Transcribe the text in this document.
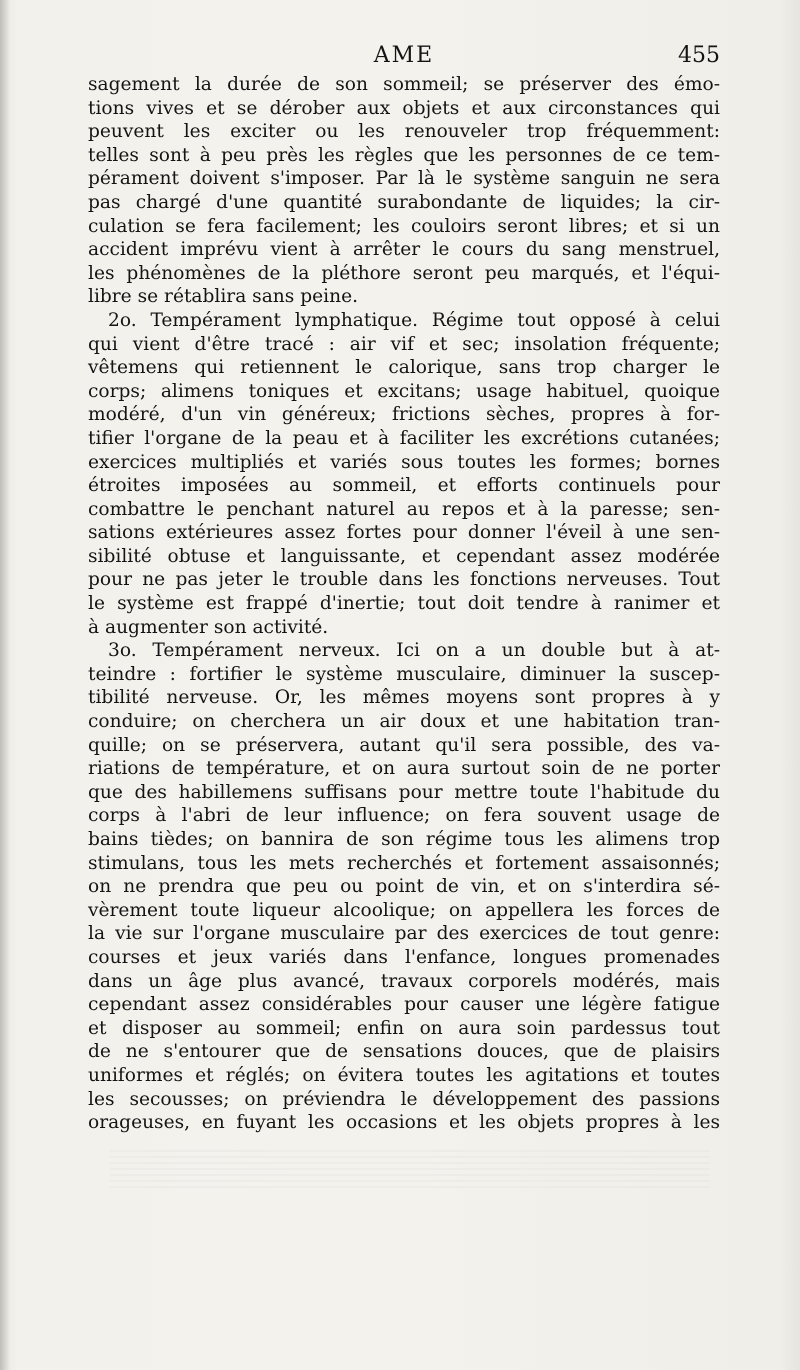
AME	455
sagement la durée de son sommeil; se préserver des émo-
tions vives et se dérober aux objets et aux circonstances qui
peuvent les exciter ou les renouveler trop fréquemment:
telles sont à peu près les règles que les personnes de ce tem-
pérament doivent s'imposer. Par là le système sanguin ne sera
pas chargé d'une quantité surabondante de liquides; la cir-
culation se fera facilement; les couloirs seront libres; et si un
accident imprévu vient à arrêter le cours du sang menstruel,
les phénomènes de la pléthore seront peu marqués, et l'équi-
libre se rétablira sans peine.
2o. Tempérament lymphatique. Régime tout opposé à celui
qui vient d'être tracé : air vif et sec; insolation fréquente;
vêtemens qui retiennent le calorique, sans trop charger le
corps; alimens toniques et excitans; usage habituel, quoique
modéré, d'un vin généreux; frictions sèches, propres à for-
tifier l'organe de la peau et à faciliter les excrétions cutanées;
exercices multipliés et variés sous toutes les formes; bornes
étroites imposées au sommeil, et efforts continuels pour
combattre le penchant naturel au repos et à la paresse; sen-
sations extérieures assez fortes pour donner l'éveil à une sen-
sibilité obtuse et languissante, et cependant assez modérée
pour ne pas jeter le trouble dans les fonctions nerveuses. Tout
le système est frappé d'inertie; tout doit tendre à ranimer et
à augmenter son activité.
3o. Tempérament nerveux. Ici on a un double but à at-
teindre : fortifier le système musculaire, diminuer la suscep-
tibilité nerveuse. Or, les mêmes moyens sont propres à y
conduire; on cherchera un air doux et une habitation tran-
quille; on se préservera, autant qu'il sera possible, des va-
riations de température, et on aura surtout soin de ne porter
que des habillemens suffisans pour mettre toute l'habitude du
corps à l'abri de leur influence; on fera souvent usage de
bains tièdes; on bannira de son régime tous les alimens trop
stimulans, tous les mets recherchés et fortement assaisonnés;
on ne prendra que peu ou point de vin, et on s'interdira sé-
vèrement toute liqueur alcoolique; on appellera les forces de
la vie sur l'organe musculaire par des exercices de tout genre:
courses et jeux variés dans l'enfance, longues promenades
dans un âge plus avancé, travaux corporels modérés, mais
cependant assez considérables pour causer une légère fatigue
et disposer au sommeil; enfin on aura soin pardessus tout
de ne s'entourer que de sensations douces, que de plaisirs
uniformes et réglés; on évitera toutes les agitations et toutes
les secousses; on préviendra le développement des passions
orageuses, en fuyant les occasions et les objets propres à les
